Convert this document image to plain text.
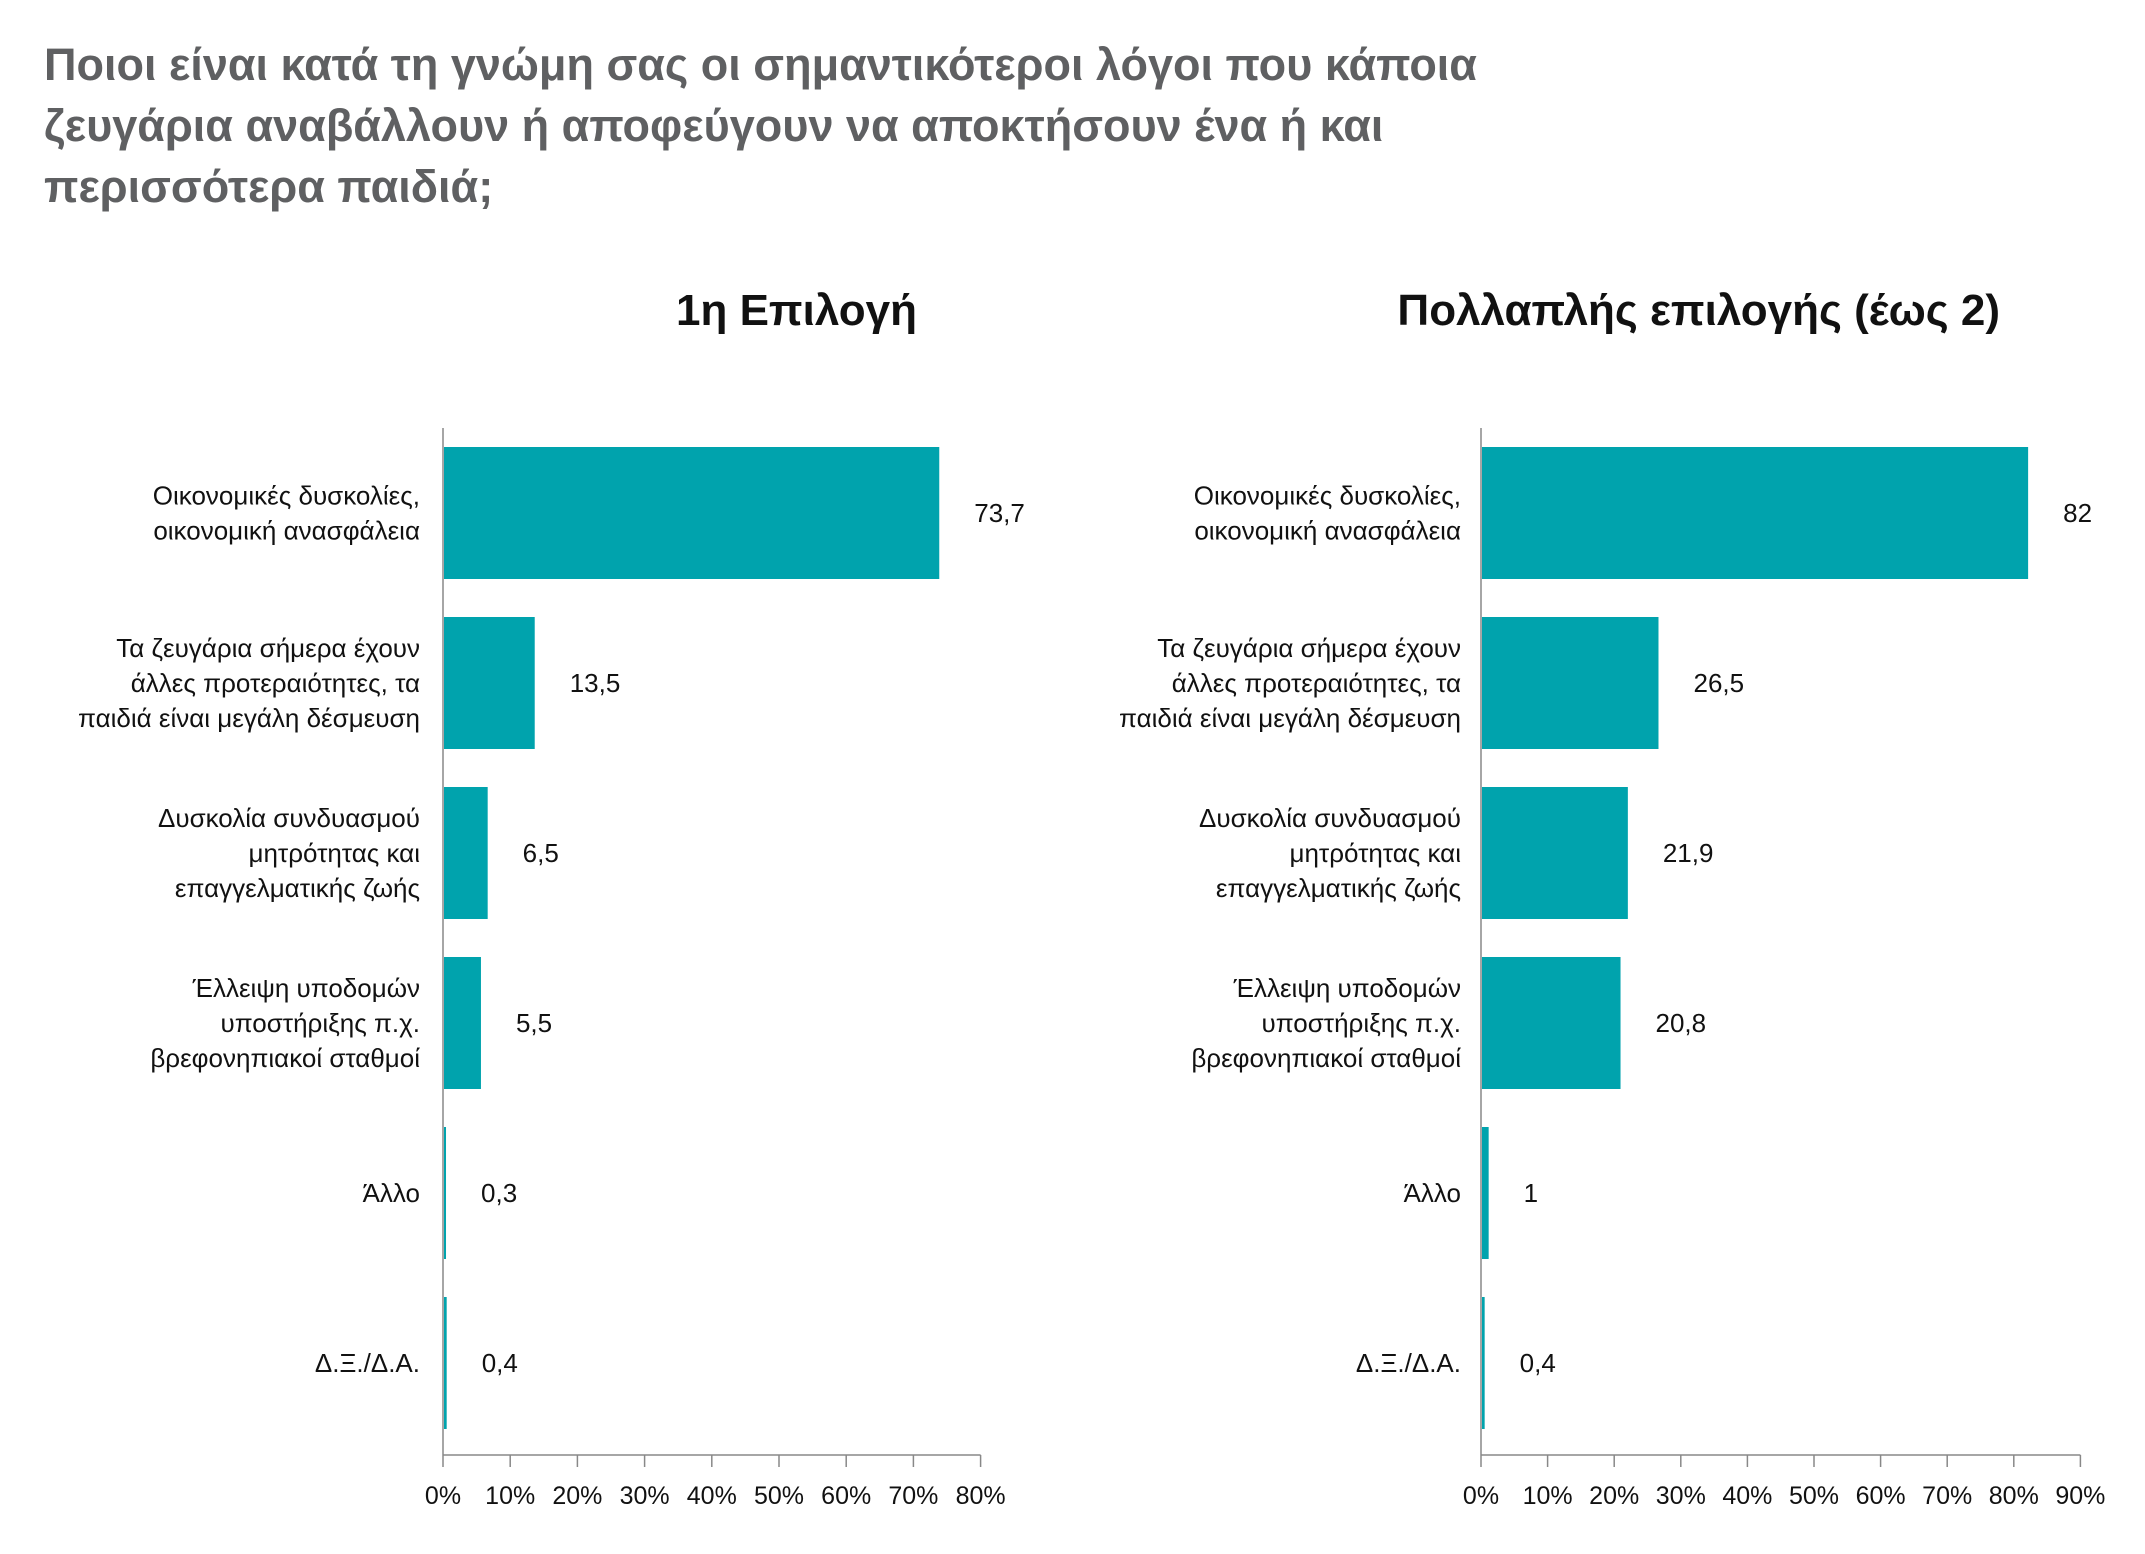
Ποιοι είναι κατά τη γνώμη σας οι σημαντικότεροι λόγοι που κάποια ζευγάρια αναβάλλουν ή αποφεύγουν να αποκτήσουν ένα ή και περισσότερα παιδιά;
1η Επιλογή	Πολλαπλής επιλογής (έως 2)
0% 10% 20% 30% 40% 50% 60% 70% 80%
73,7
Οικονομικές δυσκολίες, οικονομική ανασφάλεια
13,5
Τα ζευγάρια σήμερα έχουν άλλες προτεραιότητες, τα παιδιά είναι μεγάλη δέσμευση
6,5
Δυσκολία συνδυασμού μητρότητας και επαγγελματικής ζωής
5,5
Έλλειψη υποδομών υποστήριξης π.χ. βρεφονηπιακοί σταθμοί
0,3
Άλλο
0,4
Δ.Ξ./Δ.Α.
0% 10% 20% 30% 40% 50% 60% 70% 80% 90%
82
Οικονομικές δυσκολίες, οικονομική ανασφάλεια
26,5
Τα ζευγάρια σήμερα έχουν άλλες προτεραιότητες, τα παιδιά είναι μεγάλη δέσμευση
21,9
Δυσκολία συνδυασμού μητρότητας και επαγγελματικής ζωής
20,8
Έλλειψη υποδομών υποστήριξης π.χ. βρεφονηπιακοί σταθμοί
1
Άλλο
0,4
Δ.Ξ./Δ.Α.
